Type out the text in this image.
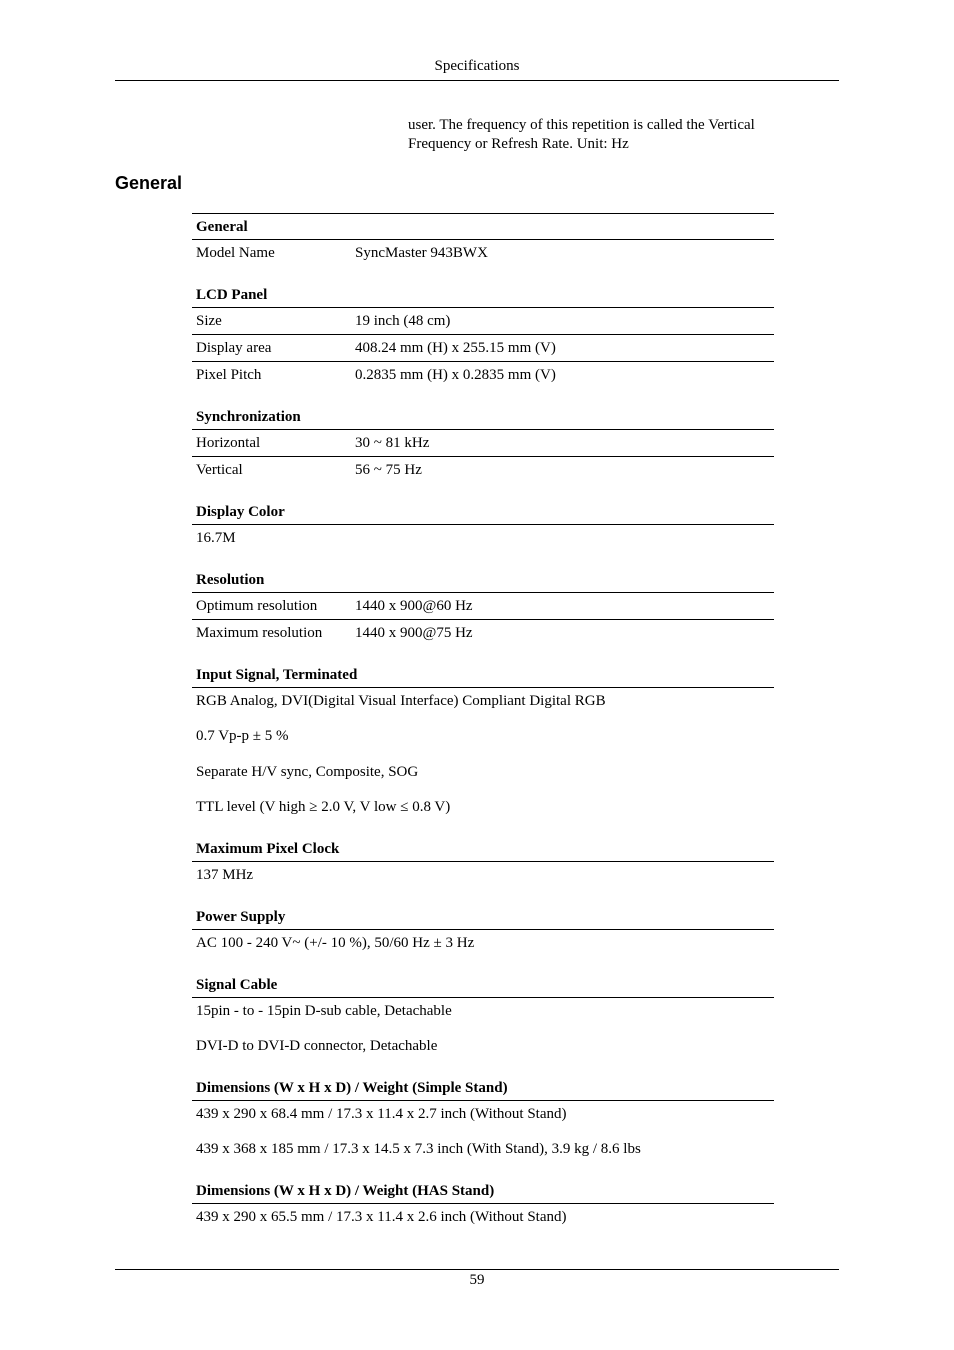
Specifications
user. The frequency of this repetition is called the Vertical
Frequency or Refresh Rate. Unit: Hz
General
General
Model Name	SyncMaster 943BWX
LCD Panel
Size	19 inch (48 cm)
Display area	408.24 mm (H) x 255.15 mm (V)
Pixel Pitch	0.2835 mm (H) x 0.2835 mm (V)
Synchronization
Horizontal	30 ~ 81 kHz
Vertical	56 ~ 75 Hz
Display Color
16.7M
Resolution
Optimum resolution	1440 x 900@60 Hz
Maximum resolution	1440 x 900@75 Hz
Input Signal, Terminated
RGB Analog, DVI(Digital Visual Interface) Compliant Digital RGB
0.7 Vp-p ± 5 %
Separate H/V sync, Composite, SOG
TTL level (V high ≥ 2.0 V, V low ≤ 0.8 V)
Maximum Pixel Clock
137 MHz
Power Supply
AC 100 - 240 V~ (+/- 10 %), 50/60 Hz ± 3 Hz
Signal Cable
15pin - to - 15pin D-sub cable, Detachable
DVI-D to DVI-D connector, Detachable
Dimensions (W x H x D) / Weight (Simple Stand)
439 x 290 x 68.4 mm / 17.3 x 11.4 x 2.7 inch (Without Stand)
439 x 368 x 185 mm / 17.3 x 14.5 x 7.3 inch (With Stand), 3.9 kg / 8.6 lbs
Dimensions (W x H x D) / Weight (HAS Stand)
439 x 290 x 65.5 mm / 17.3 x 11.4 x 2.6 inch (Without Stand)
59
